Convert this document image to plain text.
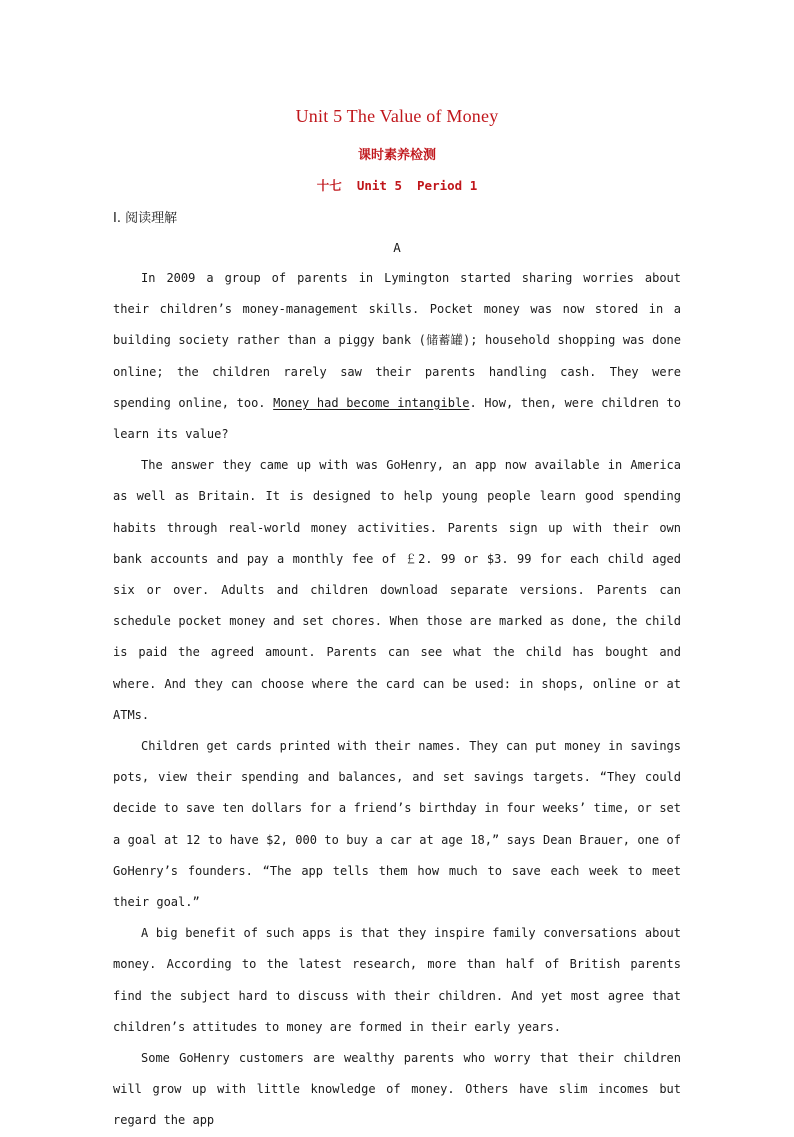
Unit 5 The Value of Money
课时素养检测
十七  Unit 5  Period 1
Ⅰ. 阅读理解
A

In 2009 a group of parents in Lymington started sharing worries about their children’s money-management skills. Pocket money was now stored in a building society rather than a piggy bank (储蓄罐); household shopping was done online; the children rarely saw their parents handling cash. They were spending online, too. Money had become intangible. How, then, were children to learn its value?

The answer they came up with was GoHenry, an app now available in America as well as Britain. It is designed to help young people learn good spending habits through real-world money activities. Parents sign up with their own bank accounts and pay a monthly fee of ￡2. 99 or $3. 99 for each child aged six or over. Adults and children download separate versions. Parents can schedule pocket money and set chores. When those are marked as done, the child is paid the agreed amount. Parents can see what the child has bought and where. And they can choose where the card can be used: in shops, online or at ATMs.

Children get cards printed with their names. They can put money in savings pots, view their spending and balances, and set savings targets. “They could decide to save ten dollars for a friend’s birthday in four weeks’ time, or set a goal at 12 to have $2, 000 to buy a car at age 18,” says Dean Brauer, one of GoHenry’s founders. “The app tells them how much to save each week to meet their goal.”

A big benefit of such apps is that they inspire family conversations about money. According to the latest research, more than half of British parents find the subject hard to discuss with their children. And yet most agree that children’s attitudes to money are formed in their early years.

Some GoHenry customers are wealthy parents who worry that their children will grow up with little knowledge of money. Others have slim incomes but regard the app
